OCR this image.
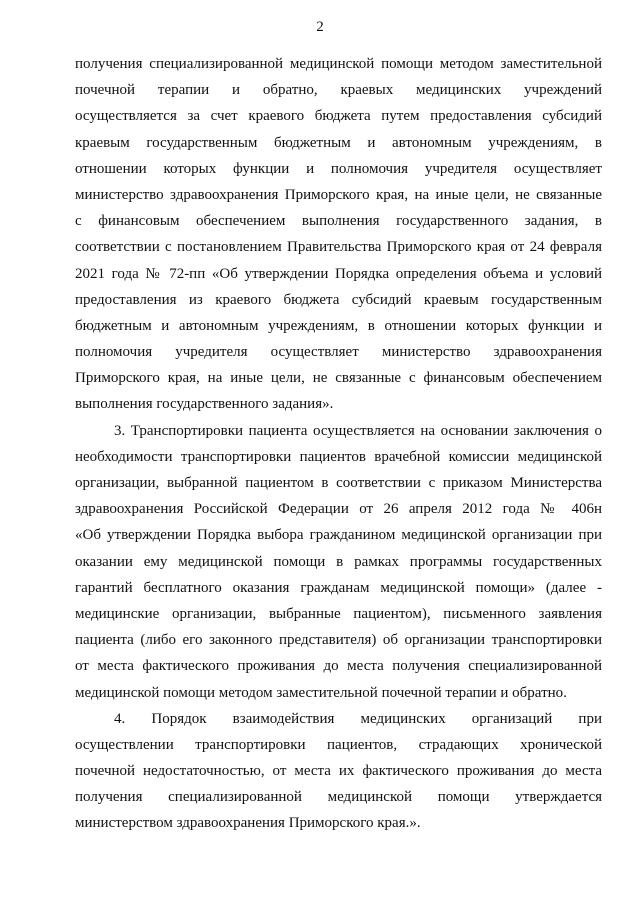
2
получения специализированной медицинской помощи методом заместительной
почечной терапии и обратно, краевых медицинских учреждений
осуществляется за счет краевого бюджета путем предоставления субсидий
краевым государственным бюджетным и автономным учреждениям, в
отношении которых функции и полномочия учредителя осуществляет
министерство здравоохранения Приморского края, на иные цели, не связанные
с финансовым обеспечением выполнения государственного задания, в
соответствии с постановлением Правительства Приморского края от 24 февраля
2021 года № 72-пп «Об утверждении Порядка определения объема и условий
предоставления из краевого бюджета субсидий краевым государственным
бюджетным и автономным учреждениям, в отношении которых функции и
полномочия учредителя осуществляет министерство здравоохранения
Приморского края, на иные цели, не связанные с финансовым обеспечением
выполнения государственного задания».
3. Транспортировки пациента осуществляется на основании заключения о
необходимости транспортировки пациентов врачебной комиссии медицинской
организации, выбранной пациентом в соответствии с приказом Министерства
здравоохранения Российской Федерации от 26 апреля 2012 года № 406н
«Об утверждении Порядка выбора гражданином медицинской организации при
оказании ему медицинской помощи в рамках программы государственных
гарантий бесплатного оказания гражданам медицинской помощи» (далее -
медицинские организации, выбранные пациентом), письменного заявления
пациента (либо его законного представителя) об организации транспортировки
от места фактического проживания до места получения специализированной
медицинской помощи методом заместительной почечной терапии и обратно.
4. Порядок взаимодействия медицинских организаций при
осуществлении транспортировки пациентов, страдающих хронической
почечной недостаточностью, от места их фактического проживания до места
получения специализированной медицинской помощи утверждается
министерством здравоохранения Приморского края.».
